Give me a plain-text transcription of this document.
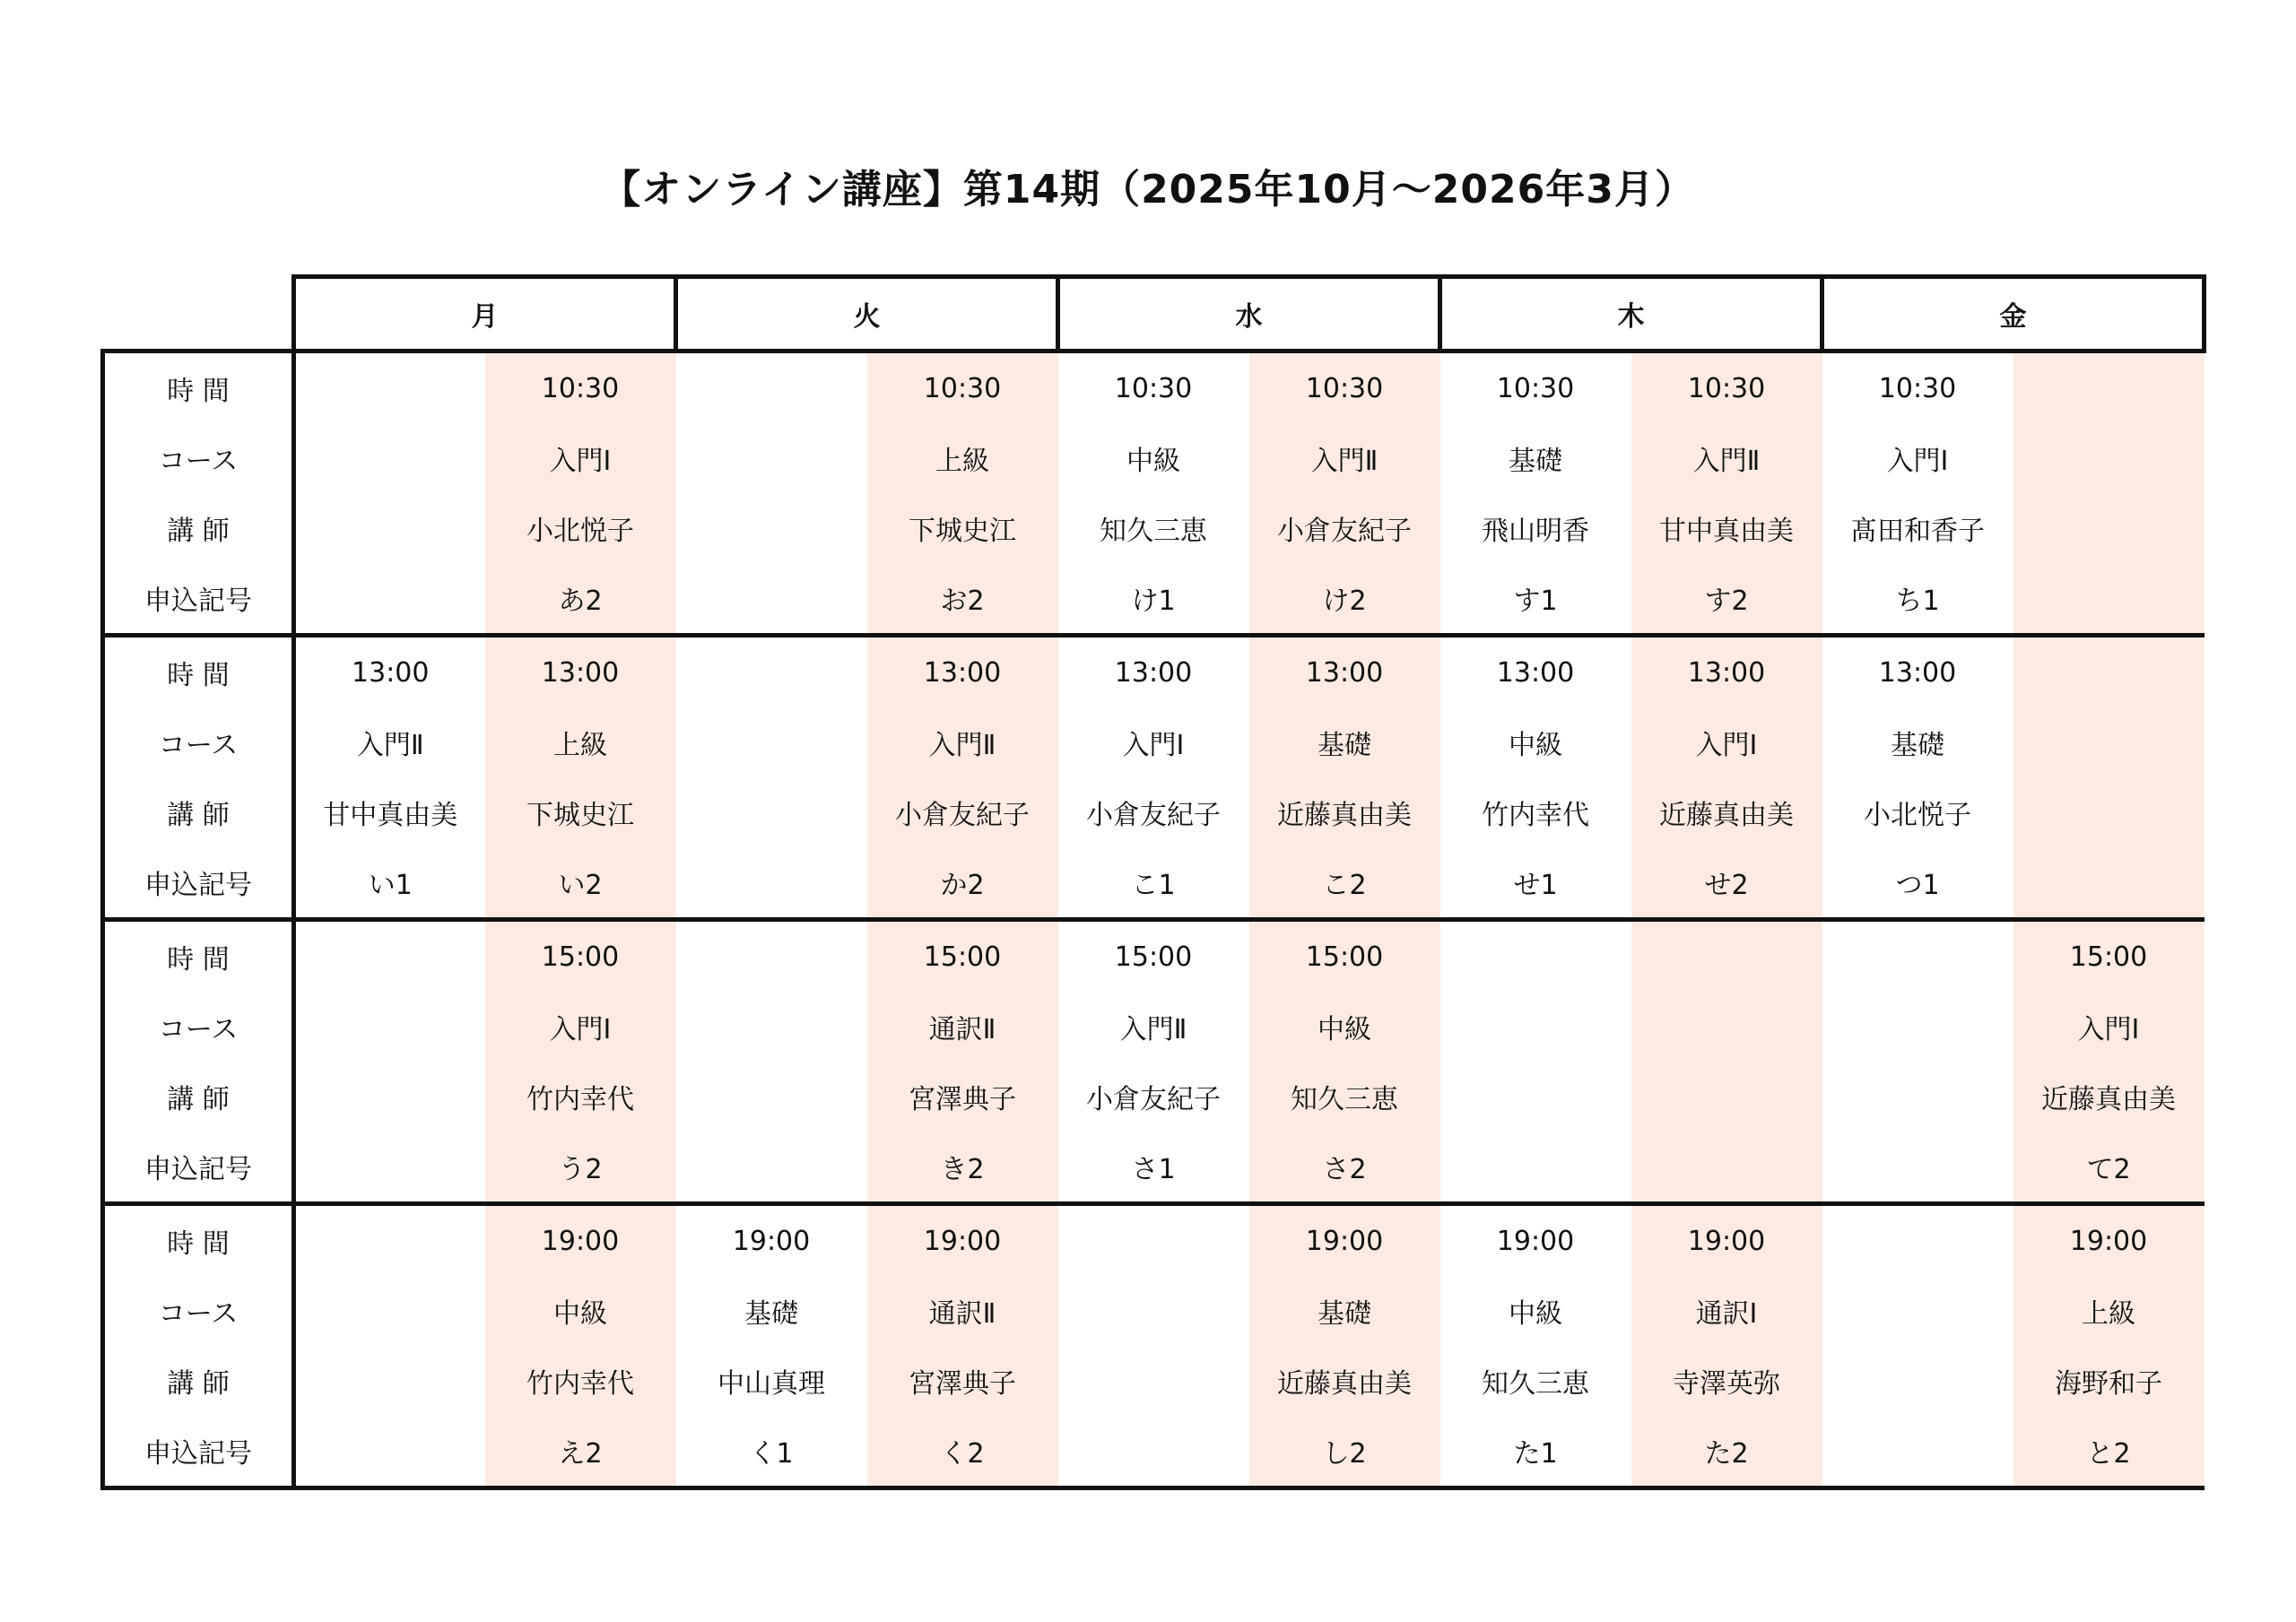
【オンライン講座】第14期（2025年10月～2026年3月）
	月		火		水		木		金	
時 間		10:30		10:30	10:30	10:30	10:30	10:30	10:30	
コース		入門Ⅰ		上級	中級	入門Ⅱ	基礎	入門Ⅱ	入門Ⅰ	
講 師		小北悦子		下城史江	知久三恵	小倉友紀子	飛山明香	甘中真由美	髙田和香子	
申込記号		あ2		お2	け1	け2	す1	す2	ち1	
時 間	13:00	13:00		13:00	13:00	13:00	13:00	13:00	13:00	
コース	入門Ⅱ	上級		入門Ⅱ	入門Ⅰ	基礎	中級	入門Ⅰ	基礎	
講 師	甘中真由美	下城史江		小倉友紀子	小倉友紀子	近藤真由美	竹内幸代	近藤真由美	小北悦子	
申込記号	い1	い2		か2	こ1	こ2	せ1	せ2	つ1	
時 間		15:00		15:00	15:00	15:00				15:00
コース		入門Ⅰ		通訳Ⅱ	入門Ⅱ	中級				入門Ⅰ
講 師		竹内幸代		宮澤典子	小倉友紀子	知久三恵				近藤真由美
申込記号		う2		き2	さ1	さ2				て2
時 間		19:00	19:00	19:00		19:00	19:00	19:00		19:00
コース		中級	基礎	通訳Ⅱ		基礎	中級	通訳Ⅰ		上級
講 師		竹内幸代	中山真理	宮澤典子		近藤真由美	知久三恵	寺澤英弥		海野和子
申込記号		え2	く1	く2		し2	た1	た2		と2
